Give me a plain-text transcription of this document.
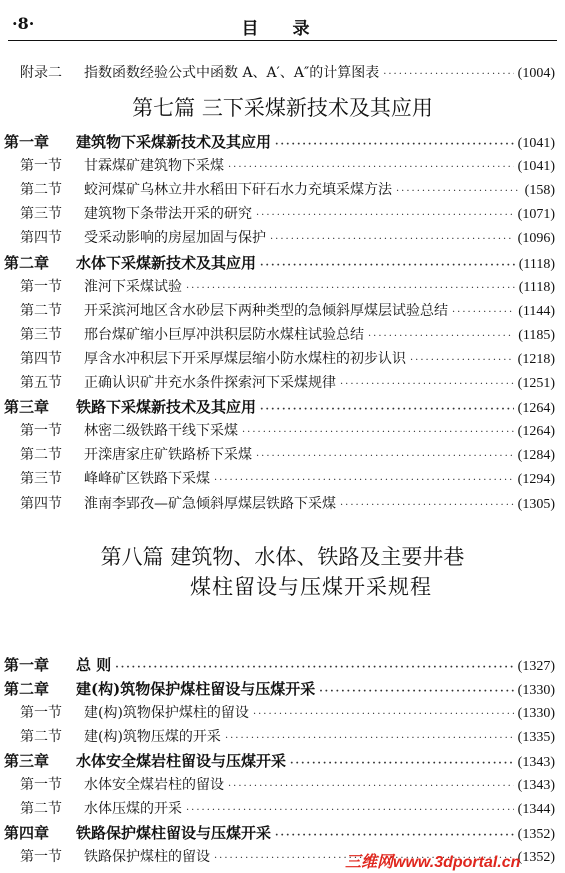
·8·	目 录
附录二 指数函数经验公式中函数 A、A′、A″的计算图表 ·····	(1004)
第七篇 三下采煤新技术及其应用
第一章 建筑物下采煤新技术及其应用 ·····	(1041)
第一节 甘霖煤矿建筑物下采煤 ·····	(1041)
第二节 蛟河煤矿乌林立井水稻田下矸石水力充填采煤方法 ·····	(158)
第三节 建筑物下条带法开采的研究 ·····	(1071)
第四节 受采动影响的房屋加固与保护 ·····	(1096)
第二章 水体下采煤新技术及其应用 ·····	(1118)
第一节 淮河下采煤试验 ·····	(1118)
第二节 开采滨河地区含水砂层下两种类型的急倾斜厚煤层试验总结 ·····	(1144)
第三节 邢台煤矿缩小巨厚冲洪积层防水煤柱试验总结 ·····	(1185)
第四节 厚含水冲积层下开采厚煤层缩小防水煤柱的初步认识 ·····	(1218)
第五节 正确认识矿井充水条件探索河下采煤规律 ·····	(1251)
第三章 铁路下采煤新技术及其应用 ·····	(1264)
第一节 林密二级铁路干线下采煤 ·····	(1264)
第二节 开滦唐家庄矿铁路桥下采煤 ·····	(1284)
第三节 峰峰矿区铁路下采煤 ·····	(1294)
第四节 淮南李郢孜—矿急倾斜厚煤层铁路下采煤 ·····	(1305)
第八篇 建筑物、水体、铁路及主要井巷
煤柱留设与压煤开采规程
第一章 总 则 ·····	(1327)
第二章 建(构)筑物保护煤柱留设与压煤开采 ·····	(1330)
第一节 建(构)筑物保护煤柱的留设 ·····	(1330)
第二节 建(构)筑物压煤的开采 ·····	(1335)
第三章 水体安全煤岩柱留设与压煤开采 ·····	(1343)
第一节 水体安全煤岩柱的留设 ·····	(1343)
第二节 水体压煤的开采 ·····	(1344)
第四章 铁路保护煤柱留设与压煤开采 ·····	(1352)
第一节 铁路保护煤柱的留设 ·····	(1352)
三维网www.3dportal.cn
